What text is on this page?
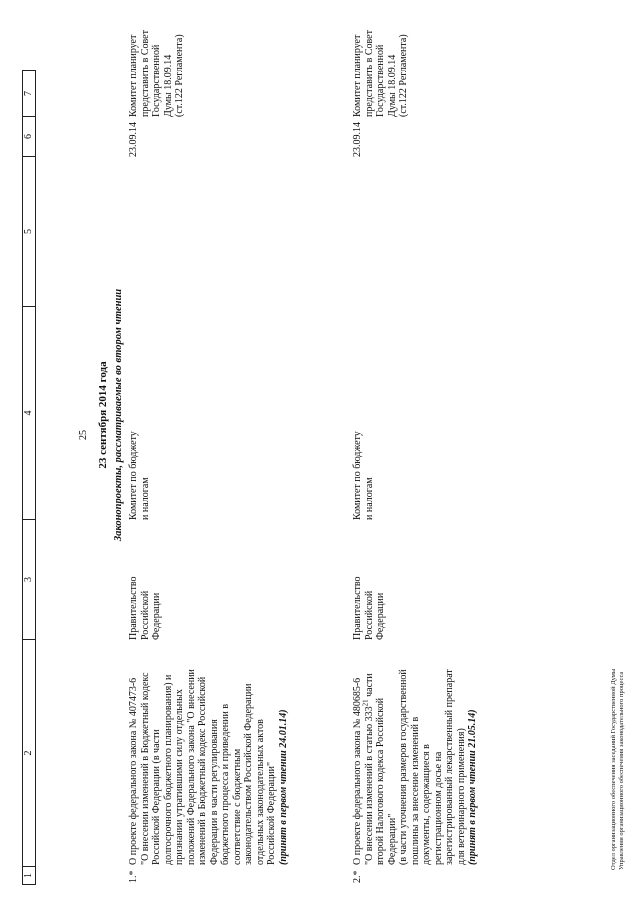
25
1
2
3
4
5
6
7
23 сентября 2014 года Законопроекты, рассматриваемые во втором чтении
1.*
О проекте федерального закона № 407473-6
"О внесении изменений в Бюджетный кодекс
Российской Федерации (в части
долгосрочного бюджетного планирования) и
признании утратившими силу отдельных
положений Федерального закона "О внесении
изменений в Бюджетный кодекс Российской
Федерации в части регулирования
бюджетного процесса и приведении в
соответствие с бюджетным
законодательством Российской Федерации
отдельных законодательных актов
Российской Федерации"
(принят в первом чтении 24.01.14)
Правительство
Российской
Федерации
Комитет по бюджету
и налогам
23.09.14
Комитет планирует
представить в Совет
Государственной
Думы 18.09.14
(ст.122 Регламента)
2.*
О проекте федерального закона № 480685-6
"О внесении изменений в статью $333^{21}$ части
второй Налогового кодекса Российской
Федерации"
(в части уточнения размеров государственной
пошлины за внесение изменений в
документы, содержащиеся в
регистрационном досье на
зарегистрированный лекарственный препарат
для ветеринарного применения)
(принят в первом чтении 21.05.14)
Правительство
Российской
Федерации
Комитет по бюджету
и налогам
23.09.14
Комитет планирует
представить в Совет
Государственной
Думы 18.09.14
(ст.122 Регламента)
Отдел организационного обеспечения заседаний Государственной Думы
Управления организационного обеспечения законодательного процесса
